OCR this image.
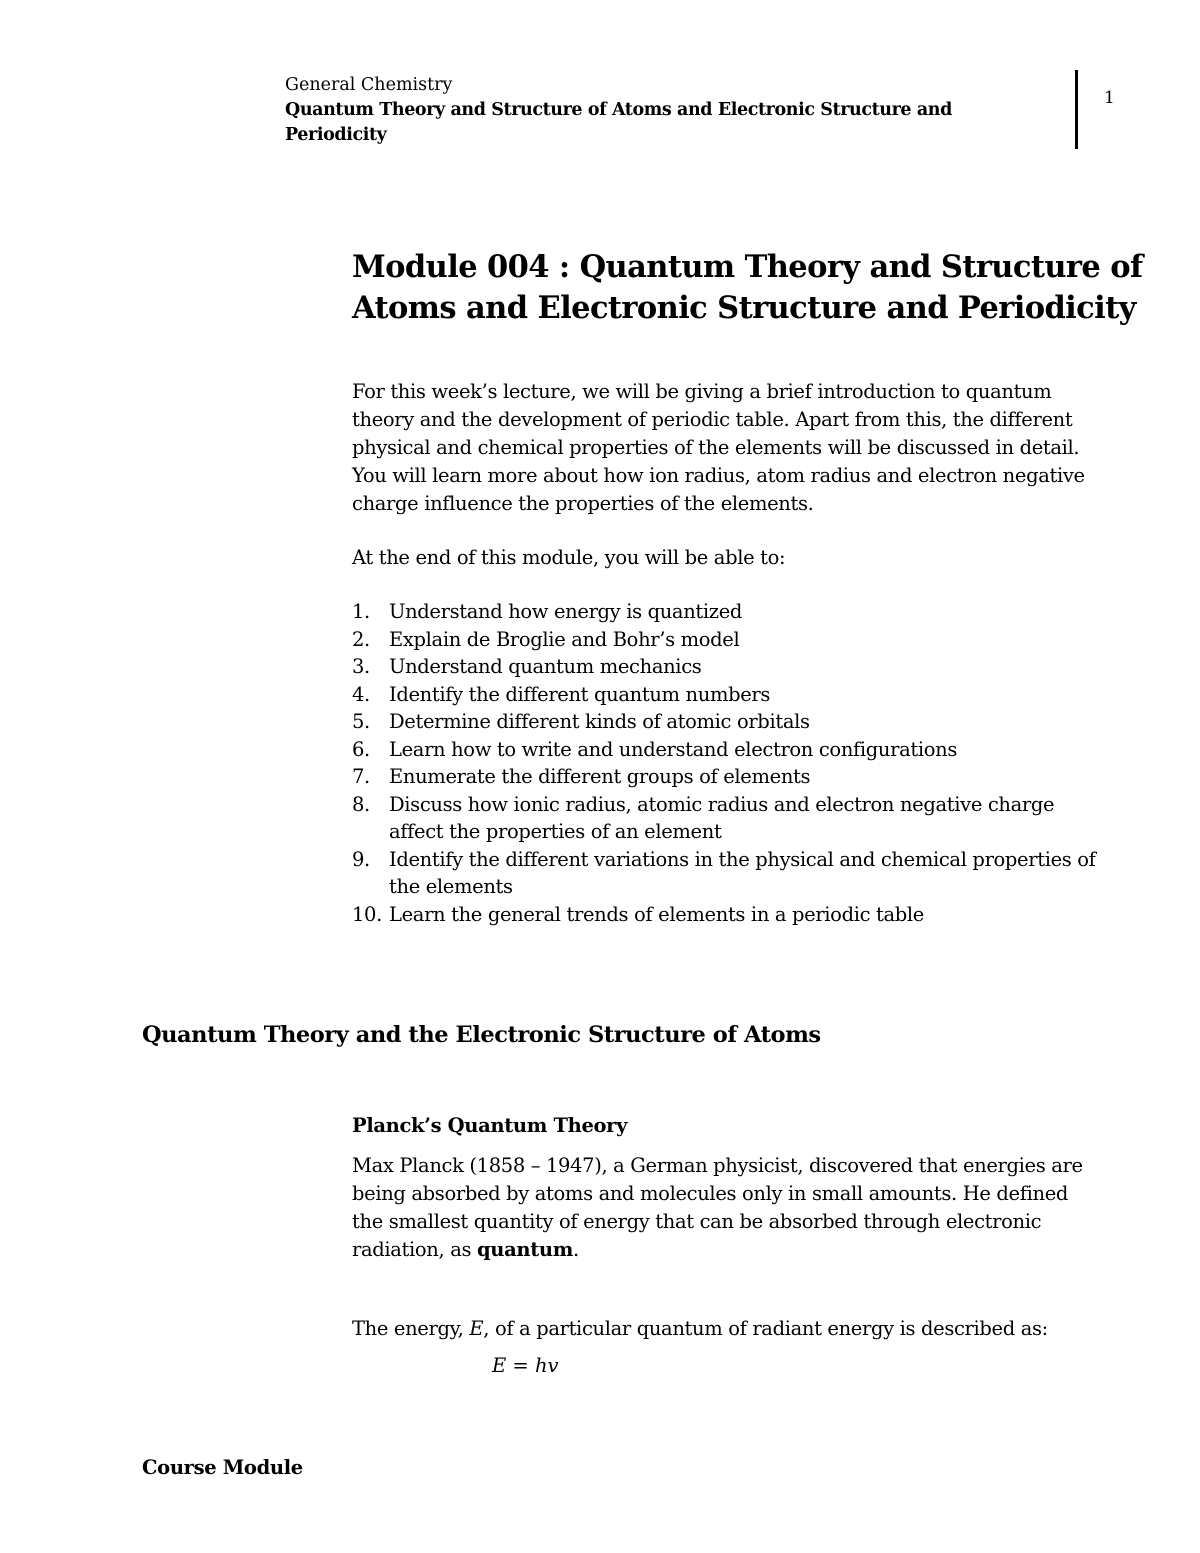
General Chemistry
Quantum Theory and Structure of Atoms and Electronic Structure and
Periodicity
1
Module 004 : Quantum Theory and Structure of
Atoms and Electronic Structure and Periodicity
For this week’s lecture, we will be giving a brief introduction to quantum
theory and the development of periodic table. Apart from this, the different
physical and chemical properties of the elements will be discussed in detail.
You will learn more about how ion radius, atom radius and electron negative
charge influence the properties of the elements.
At the end of this module, you will be able to:
1. Understand how energy is quantized
2. Explain de Broglie and Bohr’s model
3. Understand quantum mechanics
4. Identify the different quantum numbers
5. Determine different kinds of atomic orbitals
6. Learn how to write and understand electron configurations
7. Enumerate the different groups of elements
8. Discuss how ionic radius, atomic radius and electron negative charge
affect the properties of an element
9. Identify the different variations in the physical and chemical properties of
the elements
10. Learn the general trends of elements in a periodic table
Quantum Theory and the Electronic Structure of Atoms
Planck’s Quantum Theory
Max Planck (1858 – 1947), a German physicist, discovered that energies are
being absorbed by atoms and molecules only in small amounts. He defined
the smallest quantity of energy that can be absorbed through electronic
radiation, as quantum.
The energy, E, of a particular quantum of radiant energy is described as:
E = hv
Course Module
